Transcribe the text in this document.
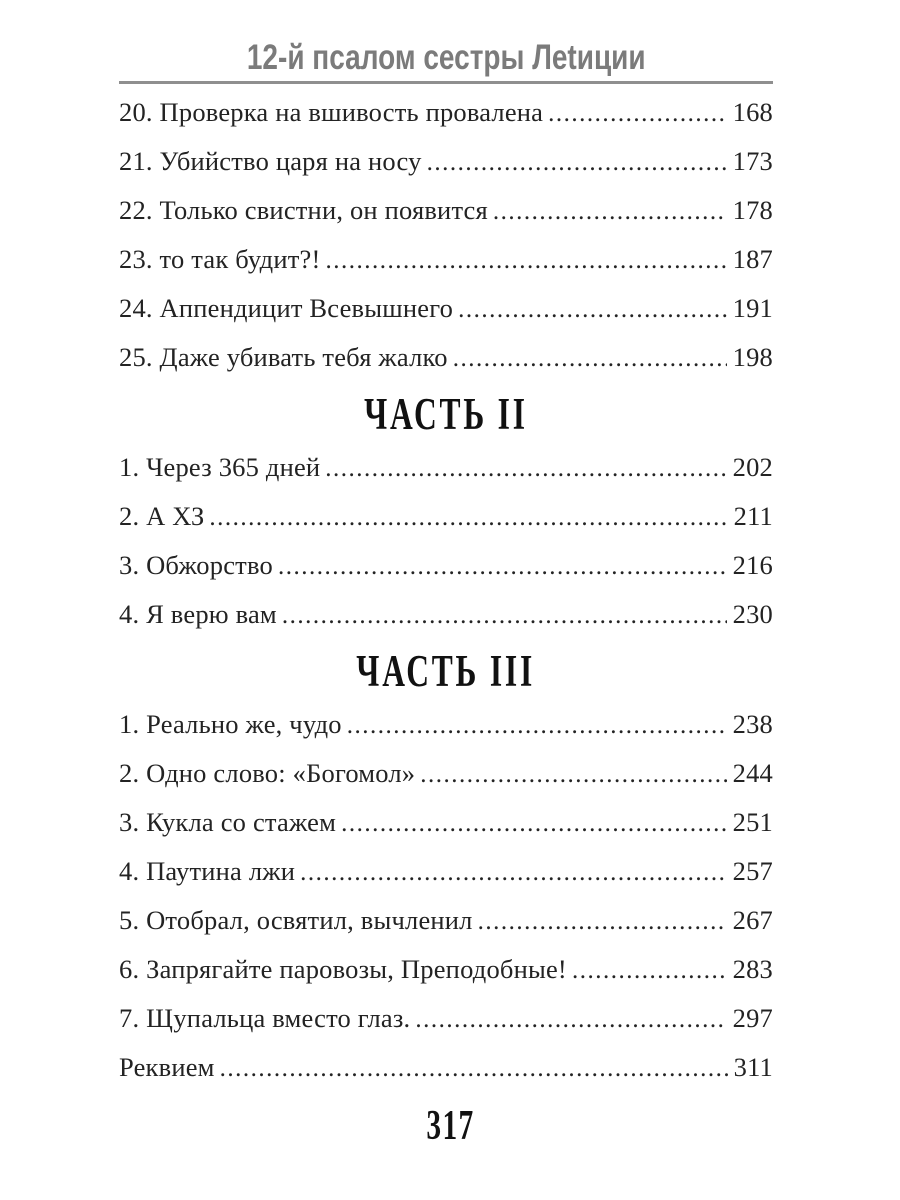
12-й псалом сестры Леtиции
20. Проверка на вшивость провалена .....	168
21. Убийство царя на носу .....	173
22. Только свистни, он появится .....	178
23. то так будит?! .....	187
24. Аппендицит Всевышнего .....	191
25. Даже убивать тебя жалко .....	198
ЧАСТЬ II
1. Через 365 дней .....	202
2. А ХЗ .....	211
3. Обжорство .....	216
4. Я верю вам .....	230
ЧАСТЬ III
1. Реально же, чудо .....	238
2. Одно слово: «Богомол» .....	244
3. Кукла со стажем .....	251
4. Паутина лжи .....	257
5. Отобрал, освятил, вычленил .....	267
6. Запрягайте паровозы, Преподобные! .....	283
7. Щупальца вместо глаз. .....	297
Реквием .....	311
317
